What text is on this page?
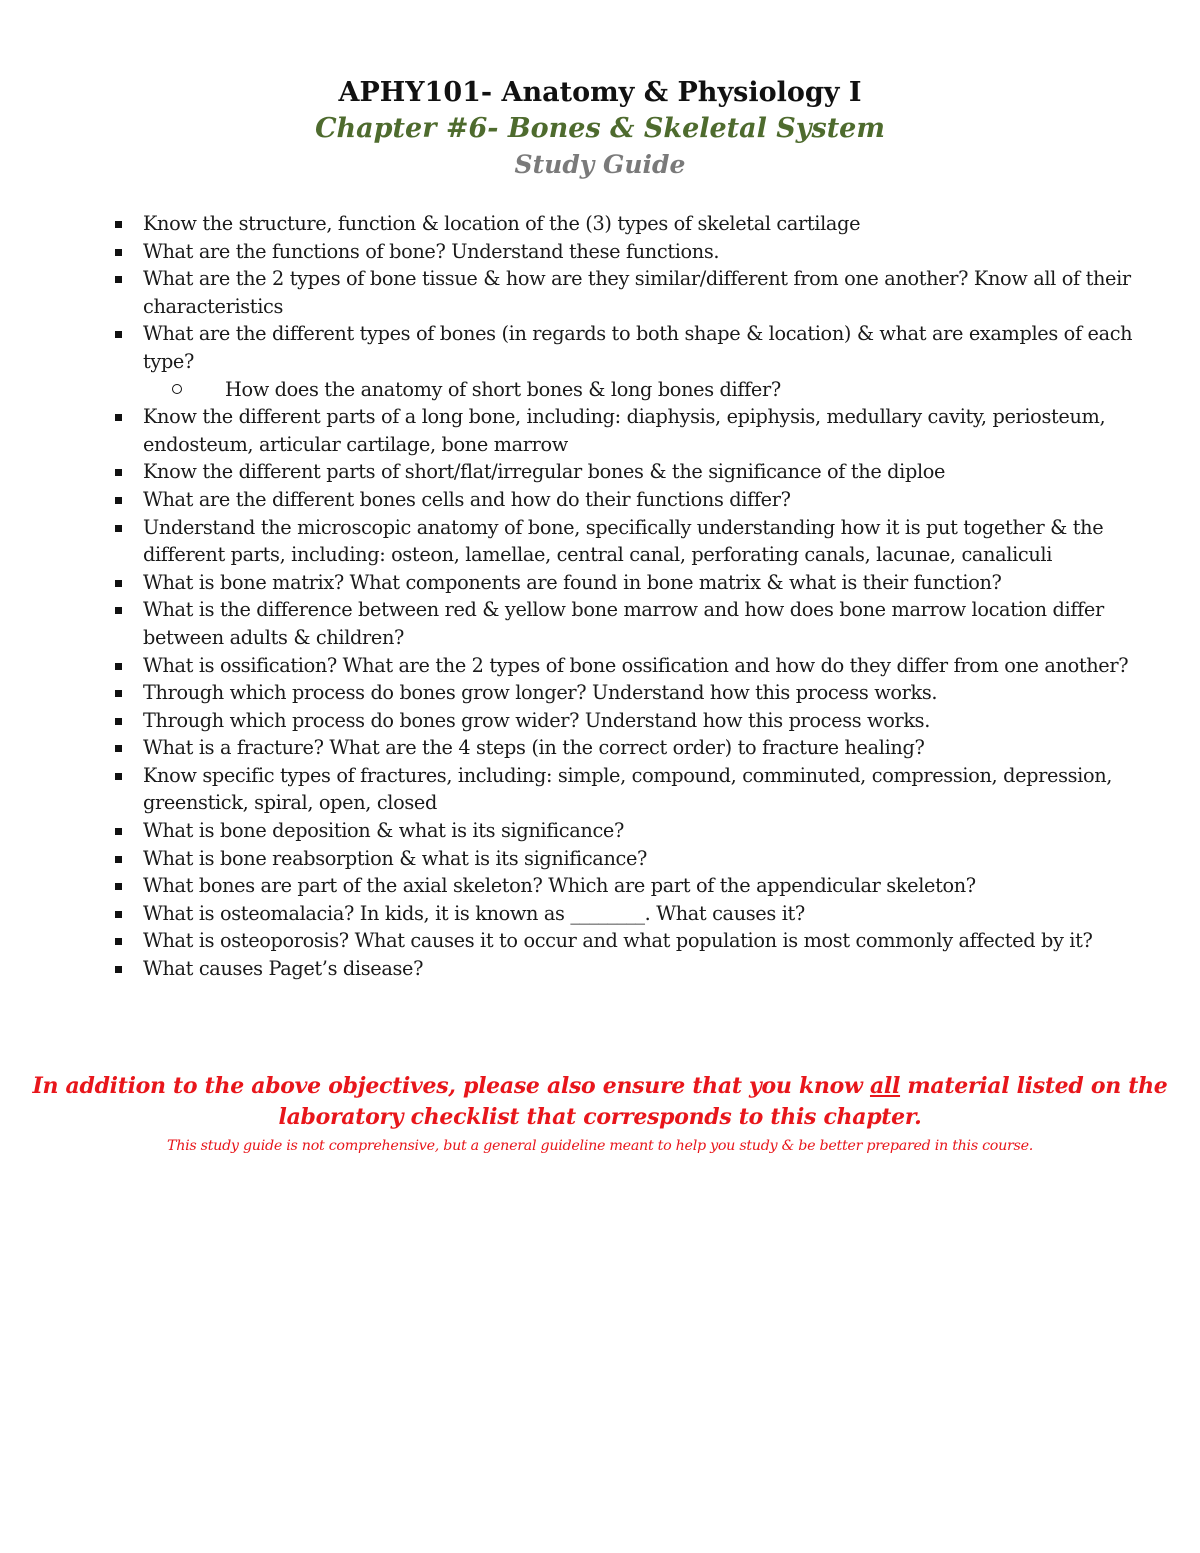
APHY101- Anatomy & Physiology I
Chapter #6- Bones & Skeletal System
Study Guide
Know the structure, function & location of the (3) types of skeletal cartilage
What are the functions of bone? Understand these functions.
What are the 2 types of bone tissue & how are they similar/different from one another? Know all of their characteristics
What are the different types of bones (in regards to both shape & location) & what are examples of each type?
How does the anatomy of short bones & long bones differ?
Know the different parts of a long bone, including: diaphysis, epiphysis, medullary cavity, periosteum, endosteum, articular cartilage, bone marrow
Know the different parts of short/flat/irregular bones & the significance of the diploe
What are the different bones cells and how do their functions differ?
Understand the microscopic anatomy of bone, specifically understanding how it is put together & the different parts, including: osteon, lamellae, central canal, perforating canals, lacunae, canaliculi
What is bone matrix? What components are found in bone matrix & what is their function?
What is the difference between red & yellow bone marrow and how does bone marrow location differ between adults & children?
What is ossification? What are the 2 types of bone ossification and how do they differ from one another?
Through which process do bones grow longer? Understand how this process works.
Through which process do bones grow wider? Understand how this process works.
What is a fracture? What are the 4 steps (in the correct order) to fracture healing?
Know specific types of fractures, including: simple, compound, comminuted, compression, depression, greenstick, spiral, open, closed
What is bone deposition & what is its significance?
What is bone reabsorption & what is its significance?
What bones are part of the axial skeleton? Which are part of the appendicular skeleton?
What is osteomalacia? In kids, it is known as ________. What causes it?
What is osteoporosis? What causes it to occur and what population is most commonly affected by it?
What causes Paget’s disease?
In addition to the above objectives, please also ensure that you know all material listed on the laboratory checklist that corresponds to this chapter.
This study guide is not comprehensive, but a general guideline meant to help you study & be better prepared in this course.
